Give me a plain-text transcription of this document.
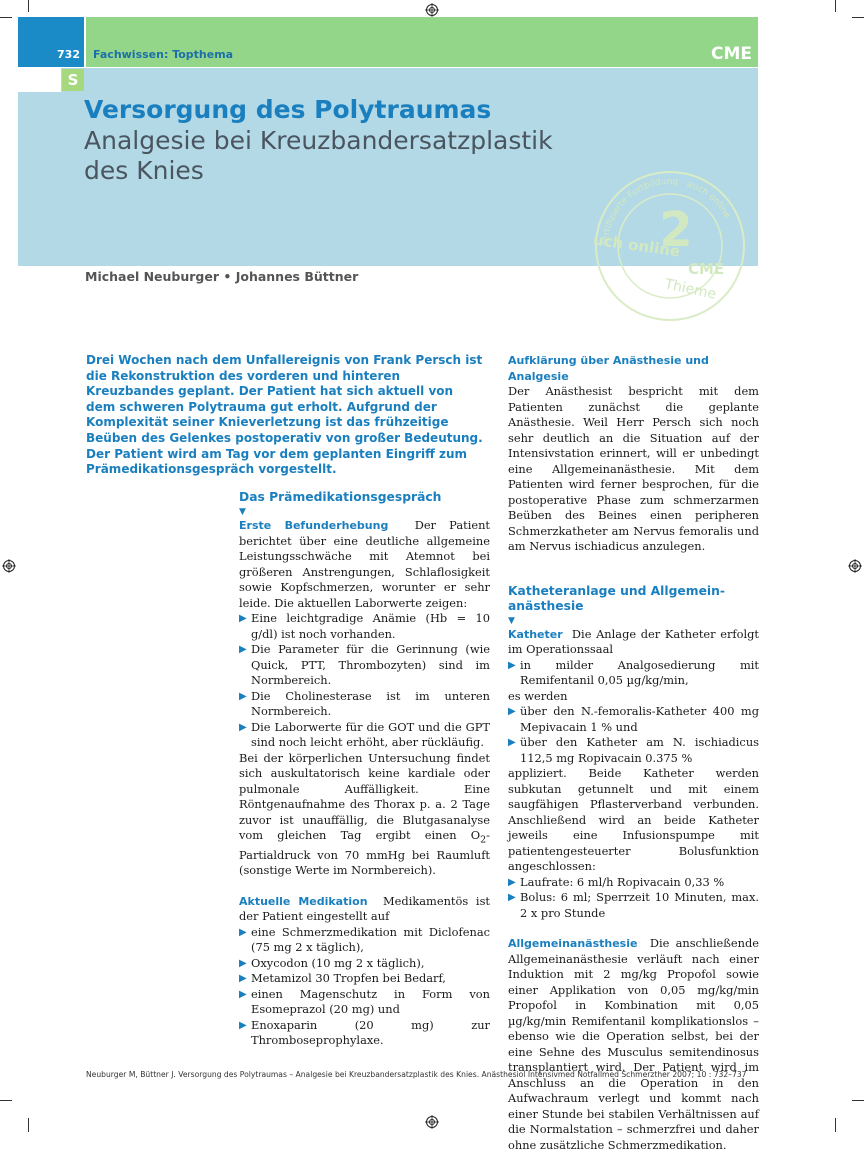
732 Fachwissen: Topthema	CME
S
Versorgung des Polytraumas
Analgesie bei Kreuzbandersatzplastik
des Knies
zertifizierte Fortbildung · auch online
2
auch online
CME
Thieme
Michael Neuburger • Johannes Büttner
Drei Wochen nach dem Unfallereignis von Frank Persch ist die Rekonstruktion des vorderen und hinteren Kreuzbandes geplant. Der Patient hat sich aktuell von dem schweren Polytrauma gut erholt. Aufgrund der Komplexität seiner Knieverletzung ist das frühzeitige Beüben des Gelenkes postoperativ von großer Bedeutung. Der Patient wird am Tag vor dem geplanten Eingriff zum Prämedikationsgespräch vorgestellt.
Das Prämedikationsgespräch
▼

Erste Befunderhebung Der Patient berichtet über eine deutliche allgemeine Leistungsschwäche mit Atemnot bei größeren Anstrengungen, Schlaflosigkeit sowie Kopfschmerzen, worunter er sehr leide. Die aktuellen Laborwerte zeigen:

▶ Eine leichtgradige Anämie (Hb = 10 g/dl) ist noch vorhanden.
▶ Die Parameter für die Gerinnung (wie Quick, PTT, Thrombozyten) sind im Normbereich.
▶ Die Cholinesterase ist im unteren Normbereich.
▶ Die Laborwerte für die GOT und die GPT sind noch leicht erhöht, aber rückläufig.

Bei der körperlichen Untersuchung findet sich auskultatorisch keine kardiale oder pulmonale Auffälligkeit. Eine Röntgenaufnahme des Thorax p. a. 2 Tage zuvor ist unauffällig, die Blutgasanalyse vom gleichen Tag ergibt einen $O_2$-Partialdruck von 70 mmHg bei Raumluft (sonstige Werte im Normbereich).

Aktuelle Medikation Medikamentös ist der Patient eingestellt auf

▶ eine Schmerzmedikation mit Diclofenac (75 mg 2 x täglich),
▶ Oxycodon (10 mg 2 x täglich),
▶ Metamizol 30 Tropfen bei Bedarf,
▶ einen Magenschutz in Form von Esomeprazol (20 mg) und
▶ Enoxaparin (20 mg) zur Thromboseprophylaxe.
Aufklärung über Anästhesie und Analgesie

Der Anästhesist bespricht mit dem Patienten zunächst die geplante Anästhesie. Weil Herr Persch sich noch sehr deutlich an die Situation auf der Intensivstation erinnert, will er unbedingt eine Allgemeinanästhesie. Mit dem Patienten wird ferner besprochen, für die postoperative Phase zum schmerzarmen Beüben des Beines einen peripheren Schmerzkatheter am Nervus femoralis und am Nervus ischiadicus anzulegen.

Katheteranlage und Allgemein-
anästhesie
▼

Katheter Die Anlage der Katheter erfolgt im Operationssaal

▶ in milder Analgosedierung mit Remifentanil 0,05 µg/kg/min,

es werden

▶ über den N.-femoralis-Katheter 400 mg Mepivacain 1 % und
▶ über den Katheter am N. ischiadicus 112,5 mg Ropivacain 0.375 %

appliziert. Beide Katheter werden subkutan getunnelt und mit einem saugfähigen Pflasterverband verbunden. Anschließend wird an beide Katheter jeweils eine Infusionspumpe mit patientengesteuerter Bolusfunktion angeschlossen:

▶ Laufrate: 6 ml/h Ropivacain 0,33 %
▶ Bolus: 6 ml; Sperrzeit 10 Minuten, max. 2 x pro Stunde

Allgemeinanästhesie Die anschließende Allgemeinanästhesie verläuft nach einer Induktion mit 2 mg/kg Propofol sowie einer Applikation von 0,05 mg/kg/min Propofol in Kombination mit 0,05 µg/kg/min Remifentanil komplikationslos – ebenso wie die Operation selbst, bei der eine Sehne des Musculus semitendinosus transplantiert wird. Der Patient wird im Anschluss an die Operation in den Aufwachraum verlegt und kommt nach einer Stunde bei stabilen Verhältnissen auf die Normalstation – schmerzfrei und daher ohne zusätzliche Schmerzmedikation.

Neuburger M, Büttner J. Versorgung des Polytraumas – Analgesie bei Kreuzbandersatzplastik des Knies. Anästhesiol Intensivmed Notfallmed Schmerzther 2007; 10 : 732–737
